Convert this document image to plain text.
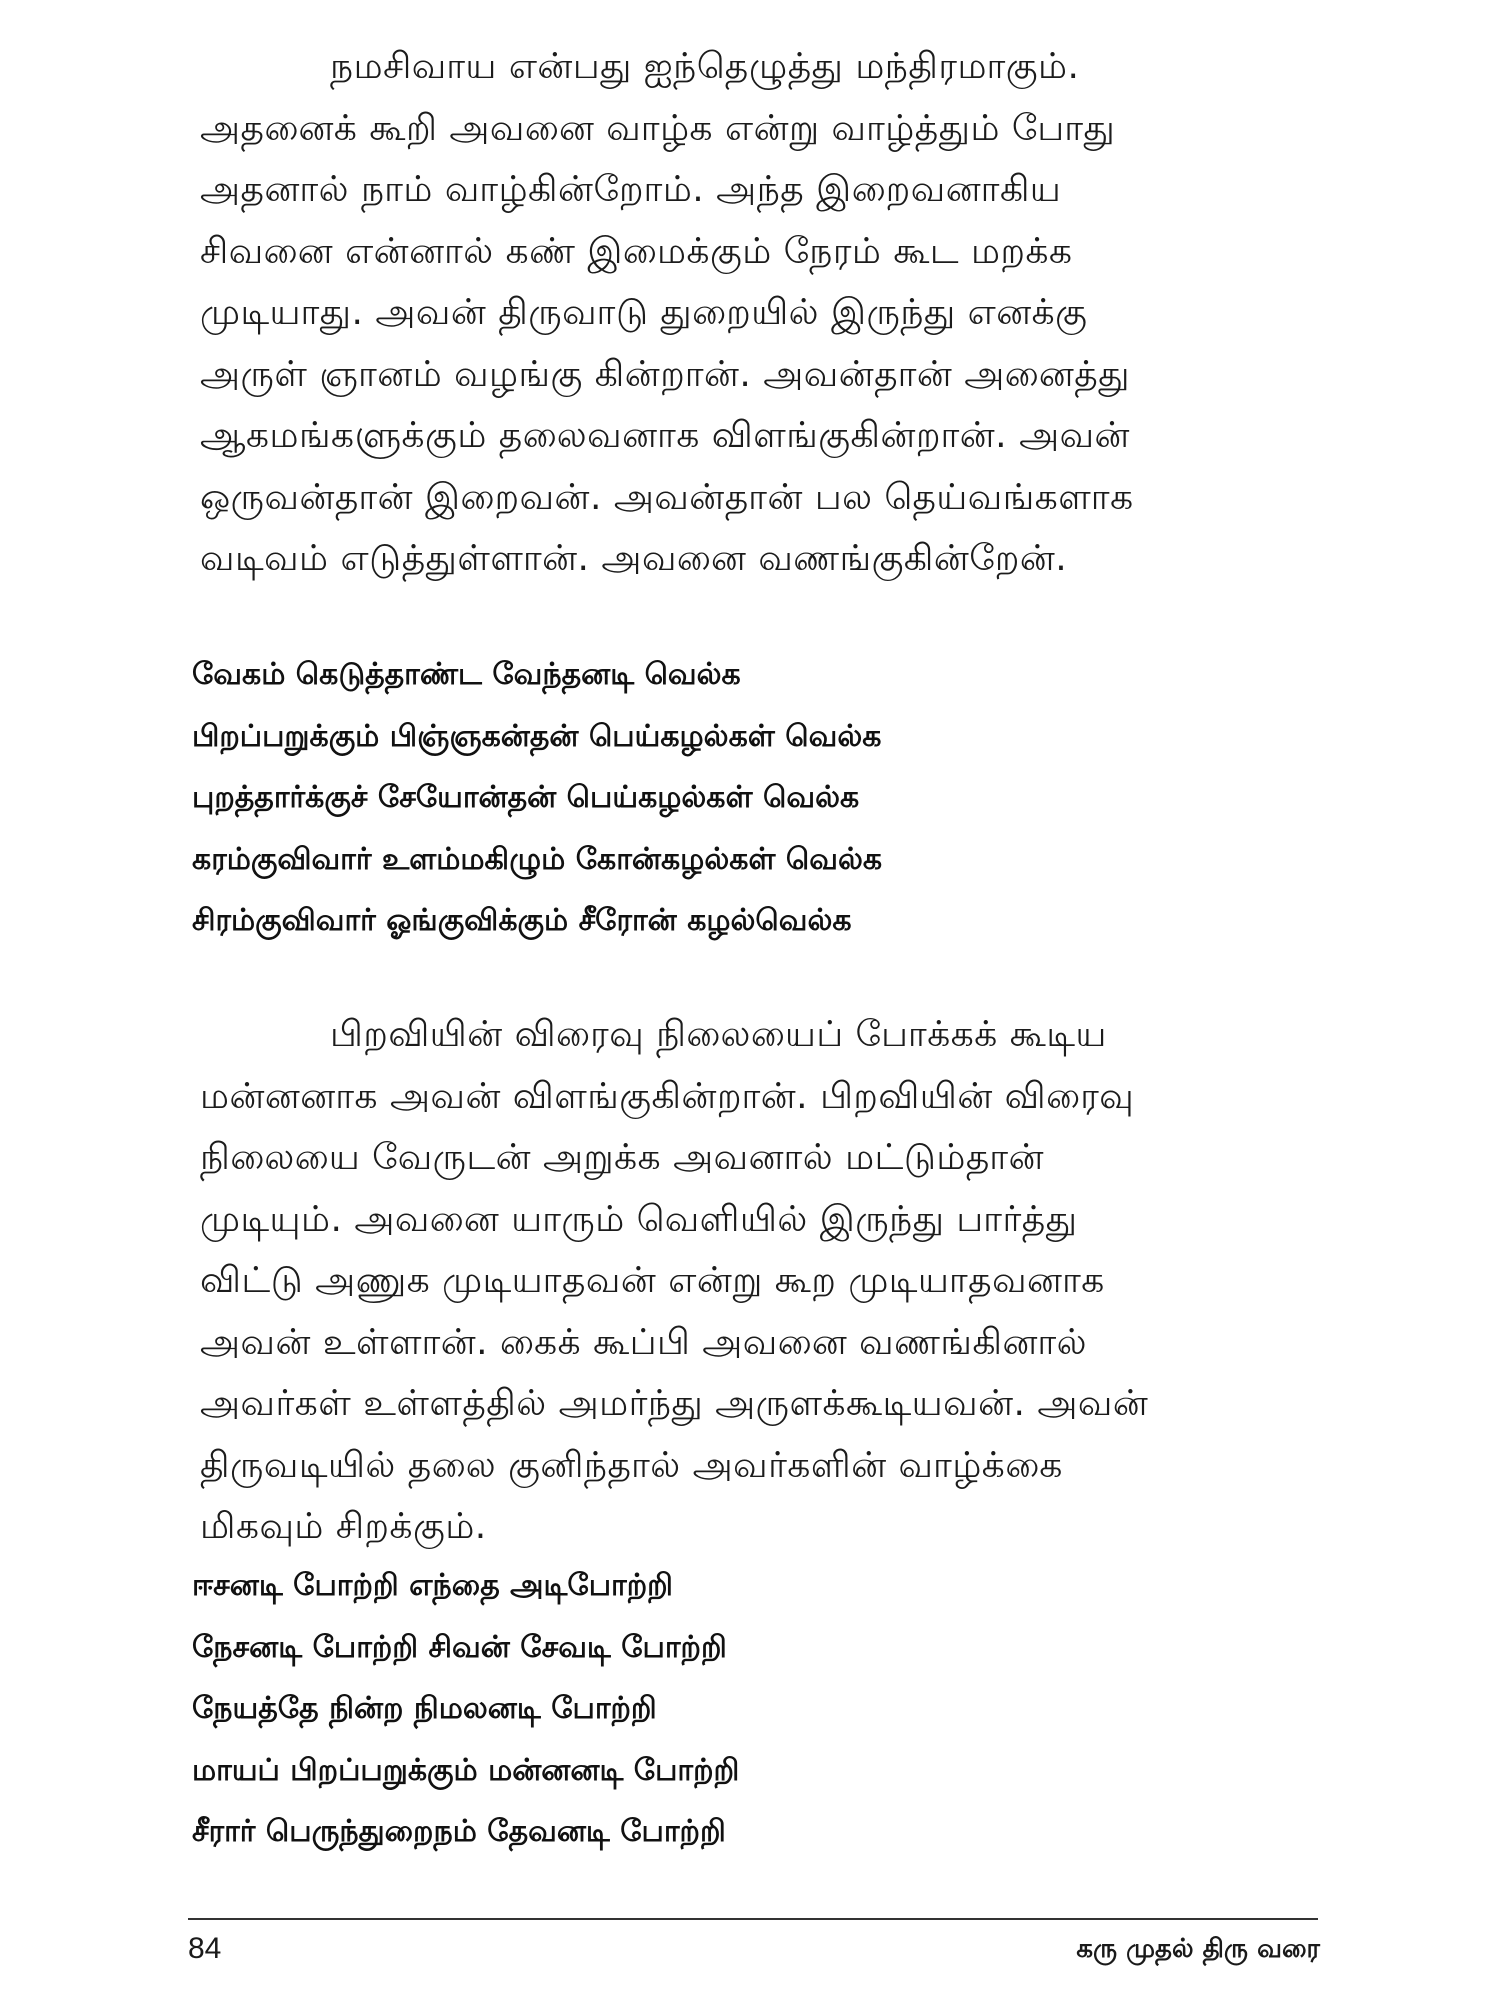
நமசிவாய என்பது ஐந்தெழுத்து மந்திரமாகும்.
அதனைக் கூறி அவனை வாழ்க என்று வாழ்த்தும் போது
அதனால் நாம் வாழ்கின்றோம். அந்த இறைவனாகிய
சிவனை என்னால் கண் இமைக்கும் நேரம் கூட மறக்க
முடியாது. அவன் திருவாடு துறையில் இருந்து எனக்கு
அருள் ஞானம் வழங்கு கின்றான். அவன்தான் அனைத்து
ஆகமங்களுக்கும் தலைவனாக விளங்குகின்றான். அவன்
ஒருவன்தான் இறைவன். அவன்தான் பல தெய்வங்களாக
வடிவம் எடுத்துள்ளான். அவனை வணங்குகின்றேன்.

வேகம் கெடுத்தாண்ட வேந்தனடி வெல்க
பிறப்பறுக்கும் பிஞ்ஞகன்தன் பெய்கழல்கள் வெல்க
புறத்தார்க்குச் சேயோன்தன் பெய்கழல்கள் வெல்க
கரம்குவிவார் உளம்மகிழும் கோன்கழல்கள் வெல்க
சிரம்குவிவார் ஓங்குவிக்கும் சீரோன் கழல்வெல்க

பிறவியின் விரைவு நிலையைப் போக்கக் கூடிய
மன்னனாக அவன் விளங்குகின்றான். பிறவியின் விரைவு
நிலையை வேருடன் அறுக்க அவனால் மட்டும்தான்
முடியும். அவனை யாரும் வெளியில் இருந்து பார்த்து
விட்டு அணுக முடியாதவன் என்று கூற முடியாதவனாக
அவன் உள்ளான். கைக் கூப்பி அவனை வணங்கினால்
அவர்கள் உள்ளத்தில் அமர்ந்து அருளக்கூடியவன். அவன்
திருவடியில் தலை குனிந்தால் அவர்களின் வாழ்க்கை
மிகவும் சிறக்கும்.

ஈசனடி போற்றி எந்தை அடிபோற்றி
நேசனடி போற்றி சிவன் சேவடி போற்றி
நேயத்தே நின்ற நிமலனடி போற்றி
மாயப் பிறப்பறுக்கும் மன்னனடி போற்றி
சீரார் பெருந்துறைநம் தேவனடி போற்றி
84	கரு முதல் திரு வரை
